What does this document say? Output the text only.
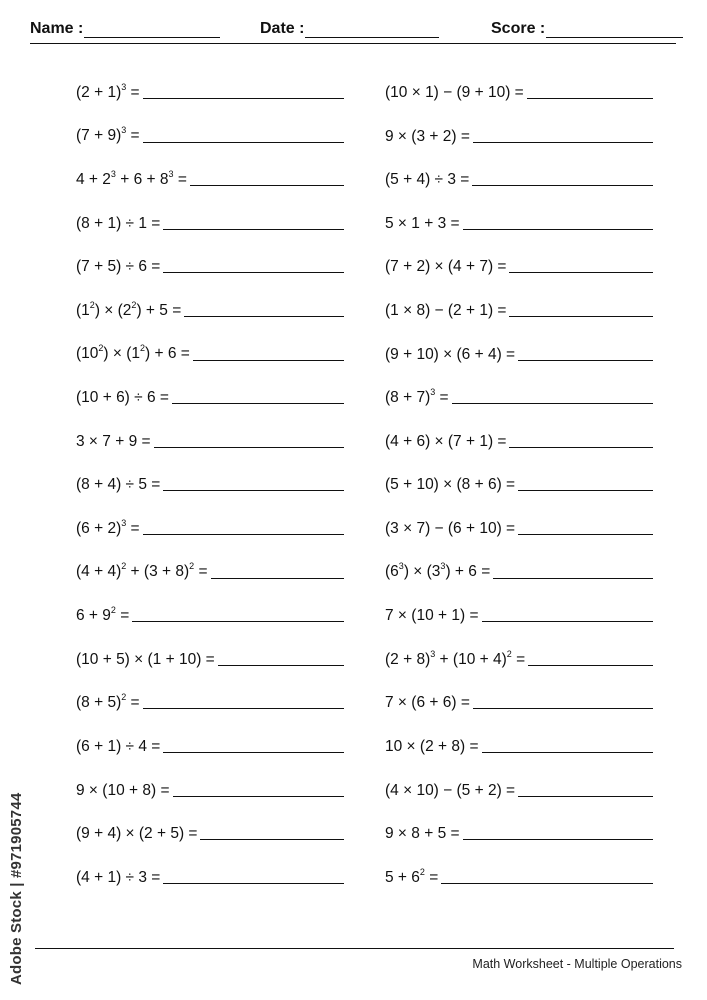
Name :	Date :	Score :
$(2 + 1)^3$ =
$(7 + 9)^3$ =
$4 + 2^3 + 6 + 8^3$ =
(8 + 1) ÷ 1 =
(7 + 5) ÷ 6 =
$(1^2) \times (2^2) + 5$ =
$(10^2) \times (1^2) + 6$ =
(10 + 6) ÷ 6 =
3 × 7 + 9 =
(8 + 4) ÷ 5 =
$(6 + 2)^3$ =
$(4 + 4)^2 + (3 + 8)^2$ =
$6 + 9^2$ =
(10 + 5) × (1 + 10) =
$(8 + 5)^2$ =
(6 + 1) ÷ 4 =
9 × (10 + 8) =
(9 + 4) × (2 + 5) =
(4 + 1) ÷ 3 =
(10 × 1) − (9 + 10) =
9 × (3 + 2) =
(5 + 4) ÷ 3 =
5 × 1 + 3 =
(7 + 2) × (4 + 7) =
(1 × 8) − (2 + 1) =
(9 + 10) × (6 + 4) =
$(8 + 7)^3$ =
(4 + 6) × (7 + 1) =
(5 + 10) × (8 + 6) =
(3 × 7) − (6 + 10) =
$(6^3) \times (3^3) + 6$ =
7 × (10 + 1) =
$(2 + 8)^3 + (10 + 4)^2$ =
7 × (6 + 6) =
10 × (2 + 8) =
(4 × 10) − (5 + 2) =
9 × 8 + 5 =
$5 + 6^2$ =
Math Worksheet - Multiple Operations
Adobe Stock | #971905744
